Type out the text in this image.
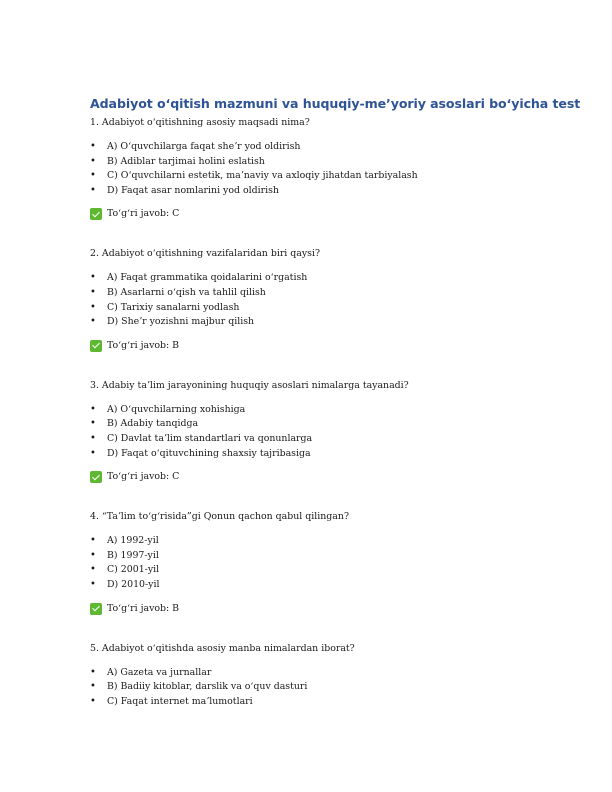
Adabiyot oʻqitish mazmuni va huquqiy-meʼyoriy asoslari boʻyicha test

1. Adabiyot oʻqitishning asosiy maqsadi nima?

• A) Oʻquvchilarga faqat sheʼr yod oldirish
• B) Adiblar tarjimai holini eslatish
• C) Oʻquvchilarni estetik, maʼnaviy va axloqiy jihatdan tarbiyalash
• D) Faqat asar nomlarini yod oldirish
Toʻgʻri javob: C

2. Adabiyot oʻqitishning vazifalaridan biri qaysi?

• A) Faqat grammatika qoidalarini oʻrgatish
• B) Asarlarni oʻqish va tahlil qilish
• C) Tarixiy sanalarni yodlash
• D) Sheʼr yozishni majbur qilish
Toʻgʻri javob: B

3. Adabiy taʼlim jarayonining huquqiy asoslari nimalarga tayanadi?

• A) Oʻquvchilarning xohishiga
• B) Adabiy tanqidga
• C) Davlat taʼlim standartlari va qonunlarga
• D) Faqat oʻqituvchining shaxsiy tajribasiga
Toʻgʻri javob: C

4. “Taʼlim toʻgʻrisida”gi Qonun qachon qabul qilingan?

• A) 1992-yil
• B) 1997-yil
• C) 2001-yil
• D) 2010-yil
Toʻgʻri javob: B

5. Adabiyot oʻqitishda asosiy manba nimalardan iborat?

• A) Gazeta va jurnallar
• B) Badiiy kitoblar, darslik va oʻquv dasturi
• C) Faqat internet maʼlumotlari
